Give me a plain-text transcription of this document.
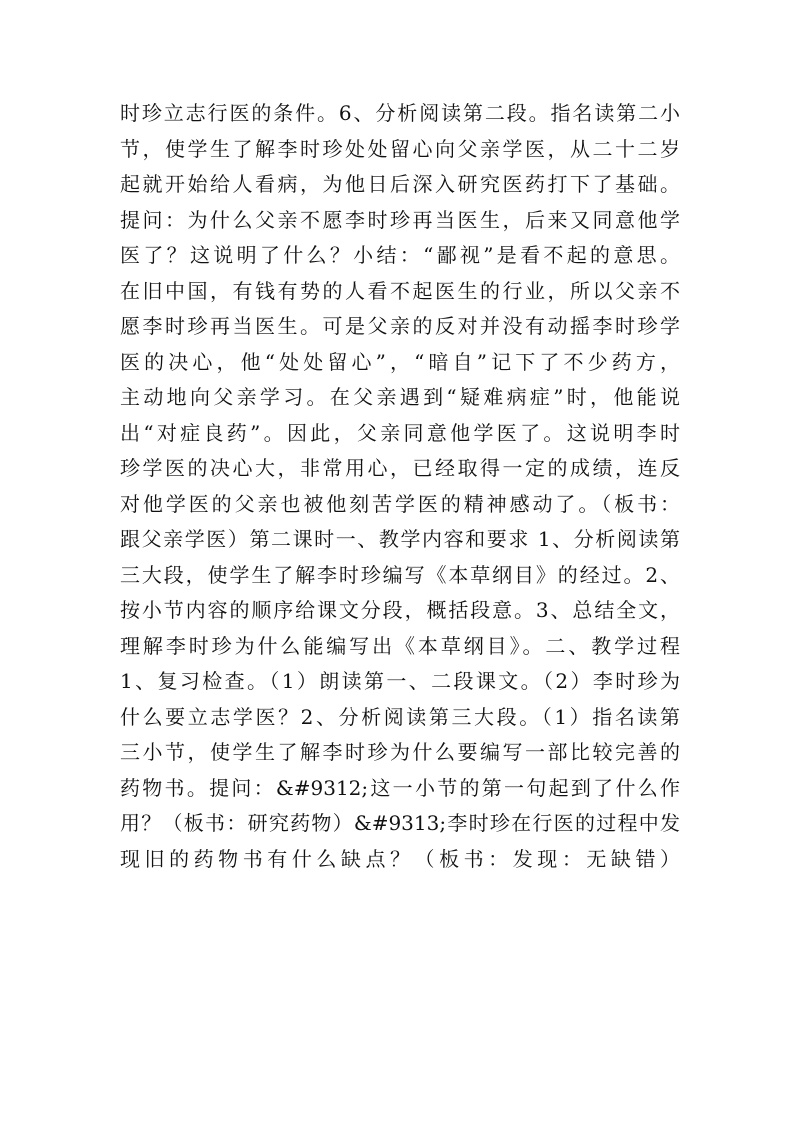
时珍立志行医的条件。6、分析阅读第二段。指名读第二小
节，使学生了解李时珍处处留心向父亲学医，从二十二岁
起就开始给人看病，为他日后深入研究医药打下了基础。
提问：为什么父亲不愿李时珍再当医生，后来又同意他学
医了？这说明了什么？小结：“鄙视”是看不起的意思。
在旧中国，有钱有势的人看不起医生的行业，所以父亲不
愿李时珍再当医生。可是父亲的反对并没有动摇李时珍学
医的决心，他“处处留心”，“暗自”记下了不少药方，
主动地向父亲学习。在父亲遇到“疑难病症”时，他能说
出“对症良药”。因此，父亲同意他学医了。这说明李时
珍学医的决心大，非常用心，已经取得一定的成绩，连反
对他学医的父亲也被他刻苦学医的精神感动了。（板书：
跟父亲学医）第二课时一、教学内容和要求 1、分析阅读第
三大段，使学生了解李时珍编写《本草纲目》的经过。2、
按小节内容的顺序给课文分段，概括段意。3、总结全文，
理解李时珍为什么能编写出《本草纲目》。二、教学过程
1、复习检查。（1）朗读第一、二段课文。（2）李时珍为
什么要立志学医？2、分析阅读第三大段。（1）指名读第
三小节，使学生了解李时珍为什么要编写一部比较完善的
药物书。提问：&#9312;这一小节的第一句起到了什么作
用？（板书：研究药物）&#9313;李时珍在行医的过程中发
现旧的药物书有什么缺点？（板书：发现：无缺错）
